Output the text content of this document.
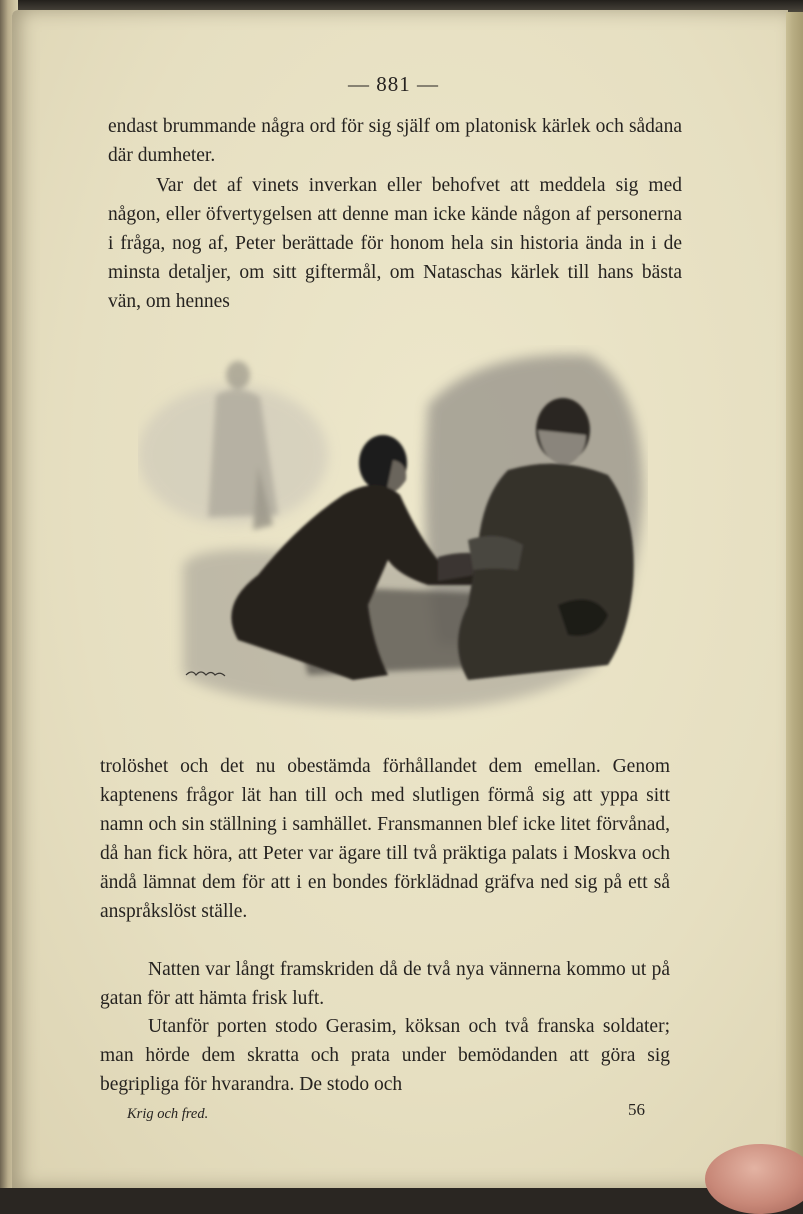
— 881 —

endast brummande några ord för sig själf om platonisk kärlek och sådana där dumheter.

Var det af vinets inverkan eller behofvet att meddela sig med någon, eller öfvertygelsen att denne man icke kände någon af personerna i fråga, nog af, Peter berättade för honom hela sin historia ända in i de minsta detaljer, om sitt giftermål, om Nataschas kärlek till hans bästa vän, om hennes

trolöshet och det nu obestämda förhållandet dem emellan. Genom kaptenens frågor lät han till och med slutligen förmå sig att yppa sitt namn och sin ställning i samhället. Fransmannen blef icke litet förvånad, då han fick höra, att Peter var ägare till två präktiga palats i Moskva och ändå lämnat dem för att i en bondes förklädnad gräfva ned sig på ett så anspråkslöst ställe.

Natten var långt framskriden då de två nya vännerna kommo ut på gatan för att hämta frisk luft.

Utanför porten stodo Gerasim, köksan och två franska soldater; man hörde dem skratta och prata under bemödanden att göra sig begripliga för hvarandra. De stodo och

Krig och fred.	56
